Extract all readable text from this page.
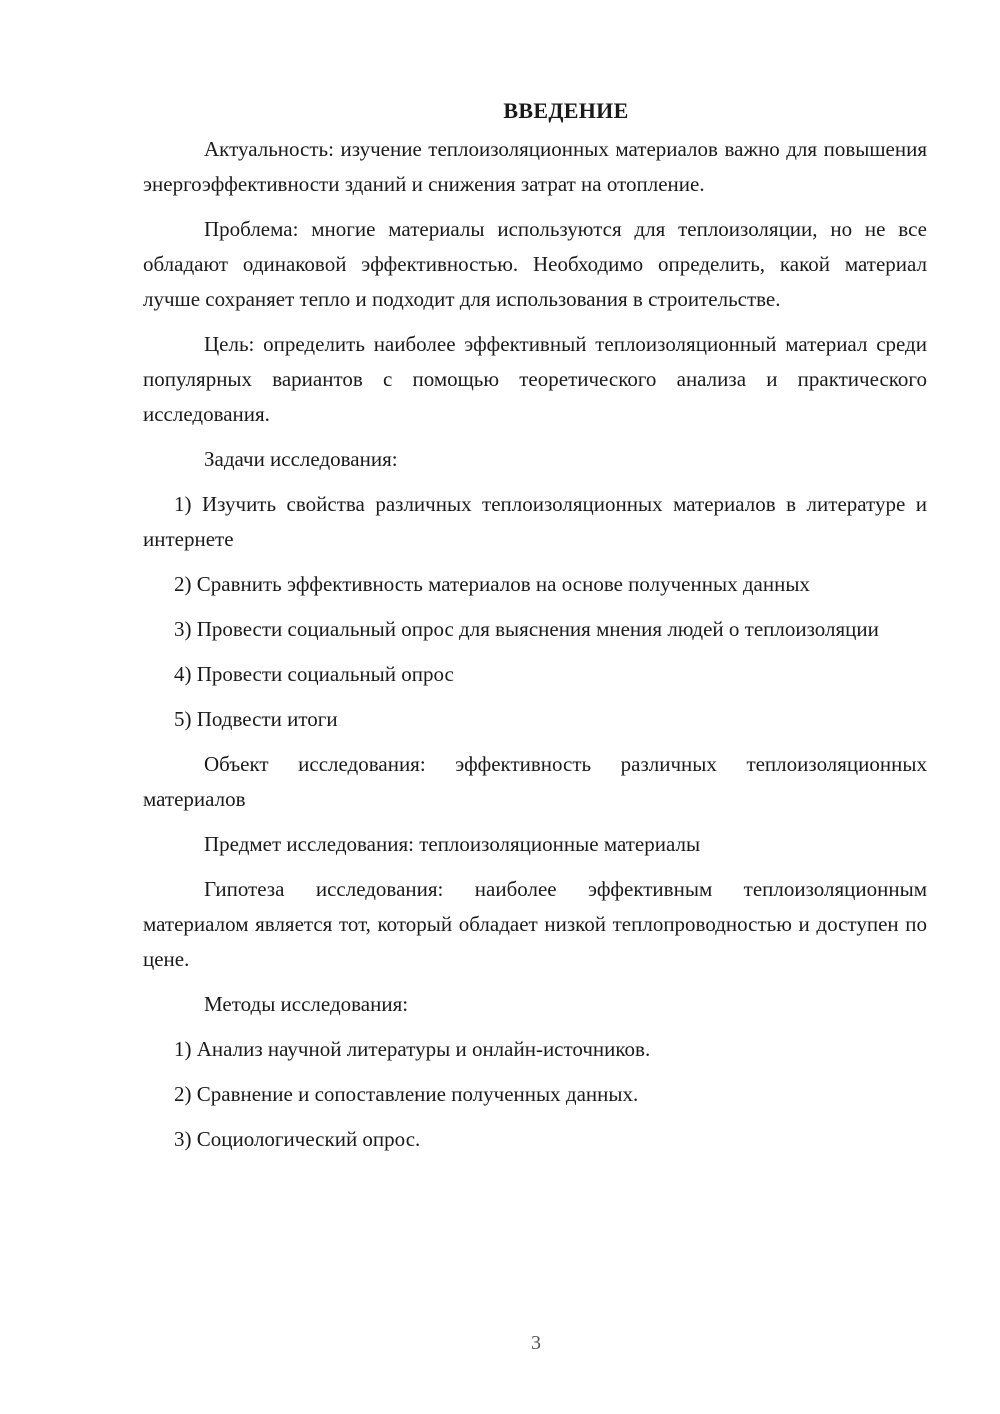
ВВЕДЕНИЕ
Актуальность: изучение теплоизоляционных материалов важно для повышения энергоэффективности зданий и снижения затрат на отопление.
Проблема: многие материалы используются для теплоизоляции, но не все обладают одинаковой эффективностью. Необходимо определить, какой материал лучше сохраняет тепло и подходит для использования в строительстве.
Цель: определить наиболее эффективный теплоизоляционный материал среди популярных вариантов с помощью теоретического анализа и практического исследования.
Задачи исследования:
1) Изучить свойства различных теплоизоляционных материалов в литературе и интернете
2) Сравнить эффективность материалов на основе полученных данных
3) Провести социальный опрос для выяснения мнения людей о теплоизоляции
4) Провести социальный опрос
5) Подвести итоги
Объект исследования: эффективность различных теплоизоляционных материалов
Предмет исследования: теплоизоляционные материалы
Гипотеза исследования: наиболее эффективным теплоизоляционным материалом является тот, который обладает низкой теплопроводностью и доступен по цене.
Методы исследования:
1) Анализ научной литературы и онлайн-источников.
2) Сравнение и сопоставление полученных данных.
3) Социологический опрос.
3
